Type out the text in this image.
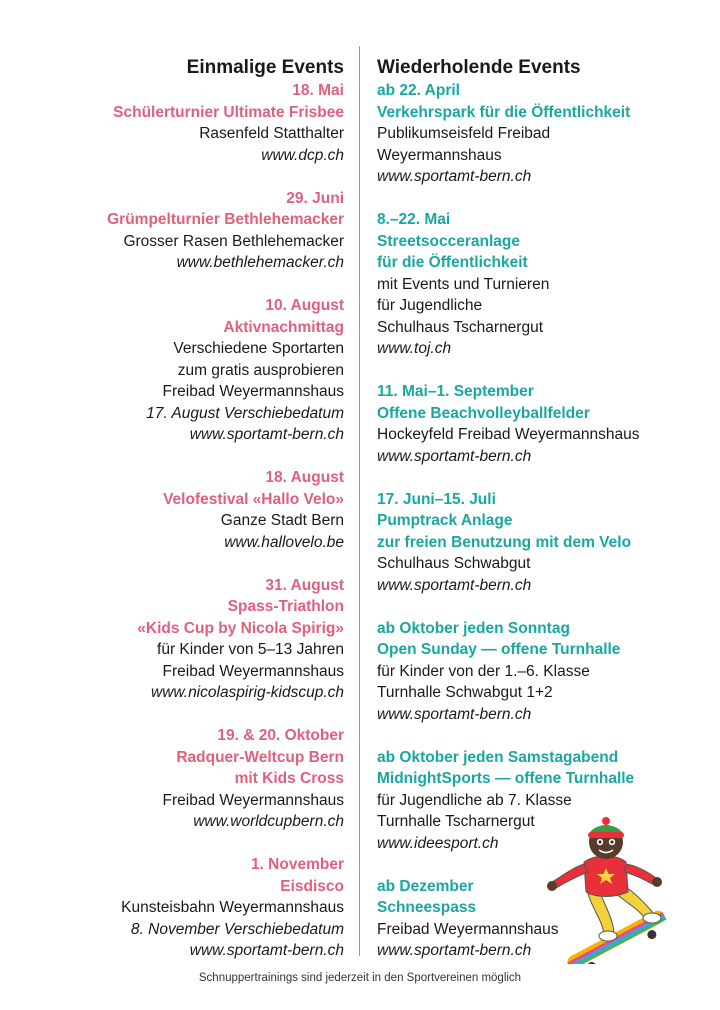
Einmalige Events Wiederholende Events
18. Mai
Schülerturnier Ultimate Frisbee
Rasenfeld Statthalter
www.dcp.ch
29. Juni
Grümpelturnier Bethlehemacker
Grosser Rasen Bethlehemacker
www.bethlehemacker.ch
10. August
Aktivnachmittag
Verschiedene Sportarten
zum gratis ausprobieren
Freibad Weyermannshaus
17. August Verschiebedatum
www.sportamt-bern.ch
18. August
Velofestival «Hallo Velo»
Ganze Stadt Bern
www.hallovelo.be
31. August
Spass-Triathlon
«Kids Cup by Nicola Spirig»
für Kinder von 5–13 Jahren
Freibad Weyermannshaus
www.nicolaspirig-kidscup.ch
19. & 20. Oktober
Radquer-Weltcup Bern
mit Kids Cross
Freibad Weyermannshaus
www.worldcupbern.ch
1. November
Eisdisco
Kunsteisbahn Weyermannshaus
8. November Verschiebedatum
www.sportamt-bern.ch
ab 22. April
Verkehrspark für die Öffentlichkeit
Publikumseisfeld Freibad
Weyermannshaus
www.sportamt-bern.ch
8.–22. Mai
Streetsocceranlage
für die Öffentlichkeit
mit Events und Turnieren
für Jugendliche
Schulhaus Tscharnergut
www.toj.ch
11. Mai–1. September
Offene Beachvolleyballfelder
Hockeyfeld Freibad Weyermannshaus
www.sportamt-bern.ch
17. Juni–15. Juli
Pumptrack Anlage
zur freien Benutzung mit dem Velo
Schulhaus Schwabgut
www.sportamt-bern.ch
ab Oktober jeden Sonntag
Open Sunday — offene Turnhalle
für Kinder von der 1.–6. Klasse
Turnhalle Schwabgut 1+2
www.sportamt-bern.ch
ab Oktober jeden Samstagabend
MidnightSports — offene Turnhalle
für Jugendliche ab 7. Klasse
Turnhalle Tscharnergut
www.ideesport.ch
ab Dezember
Schneespass
Freibad Weyermannshaus
www.sportamt-bern.ch
Schnuppertrainings sind jederzeit in den Sportvereinen möglich
